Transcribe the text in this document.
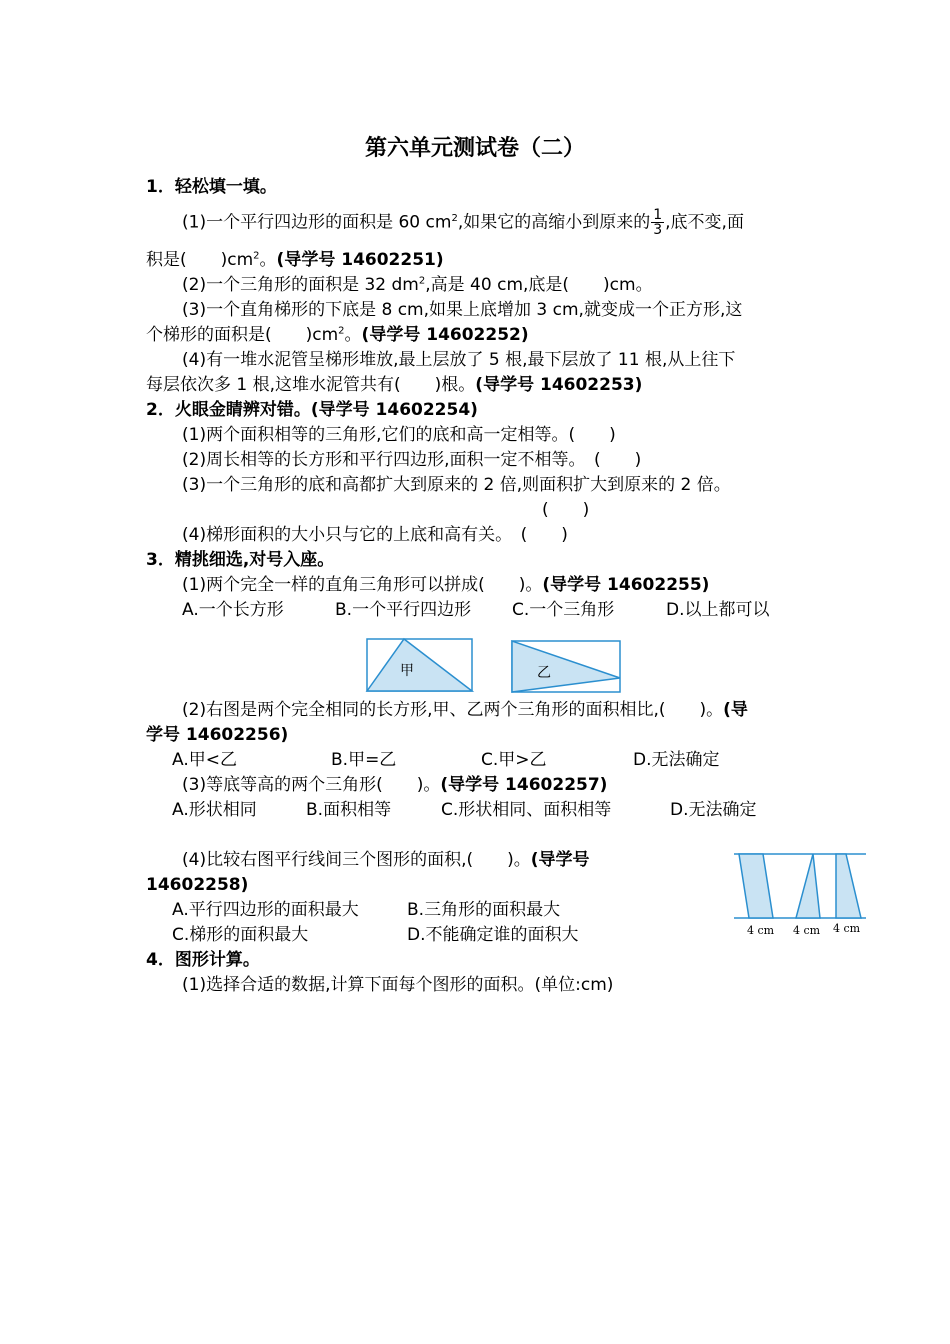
第六单元测试卷（二）
1．轻松填一填。
(1)一个平行四边形的面积是 60 $cm^2$,如果它的高缩小到原来的 $\frac{1}{3}$ ,底不变,面
积是(　　)$cm^2$。(导学号 14602251)
(2)一个三角形的面积是 32 $dm^2$,高是 40 cm,底是(　　)cm。
(3)一个直角梯形的下底是 8 cm,如果上底增加 3 cm,就变成一个正方形,这
个梯形的面积是(　　)$cm^2$。(导学号 14602252)
(4)有一堆水泥管呈梯形堆放,最上层放了 5 根,最下层放了 11 根,从上往下
每层依次多 1 根,这堆水泥管共有(　　)根。(导学号 14602253)
2．火眼金睛辨对错。(导学号 14602254)
(1)两个面积相等的三角形,它们的底和高一定相等。(　　)
(2)周长相等的长方形和平行四边形,面积一定不相等。　(　　)
(3)一个三角形的底和高都扩大到原来的 2 倍,则面积扩大到原来的 2 倍。
(　　)
(4)梯形面积的大小只与它的上底和高有关。　(　　)
3．精挑细选,对号入座。
(1)两个完全一样的直角三角形可以拼成(　　)。(导学号 14602255)
A.一个长方形	B.一个平行四边形 C.一个三角形	D.以上都可以
甲	乙
(2)右图是两个完全相同的长方形,甲、乙两个三角形的面积相比,(　　)。(导
学号 14602256)
A.甲<乙	B.甲=乙	C.甲>乙	D.无法确定
(3)等底等高的两个三角形(　　)。(导学号 14602257)
A.形状相同	B.面积相等	C.形状相同、面积相等	D.无法确定
(4)比较右图平行线间三个图形的面积,(　　)。(导学号
14602258)
A.平行四边形的面积最大	B.三角形的面积最大
C.梯形的面积最大	D.不能确定谁的面积大	4 cm 4 cm 4 cm
4．图形计算。
(1)选择合适的数据,计算下面每个图形的面积。(单位:cm)
